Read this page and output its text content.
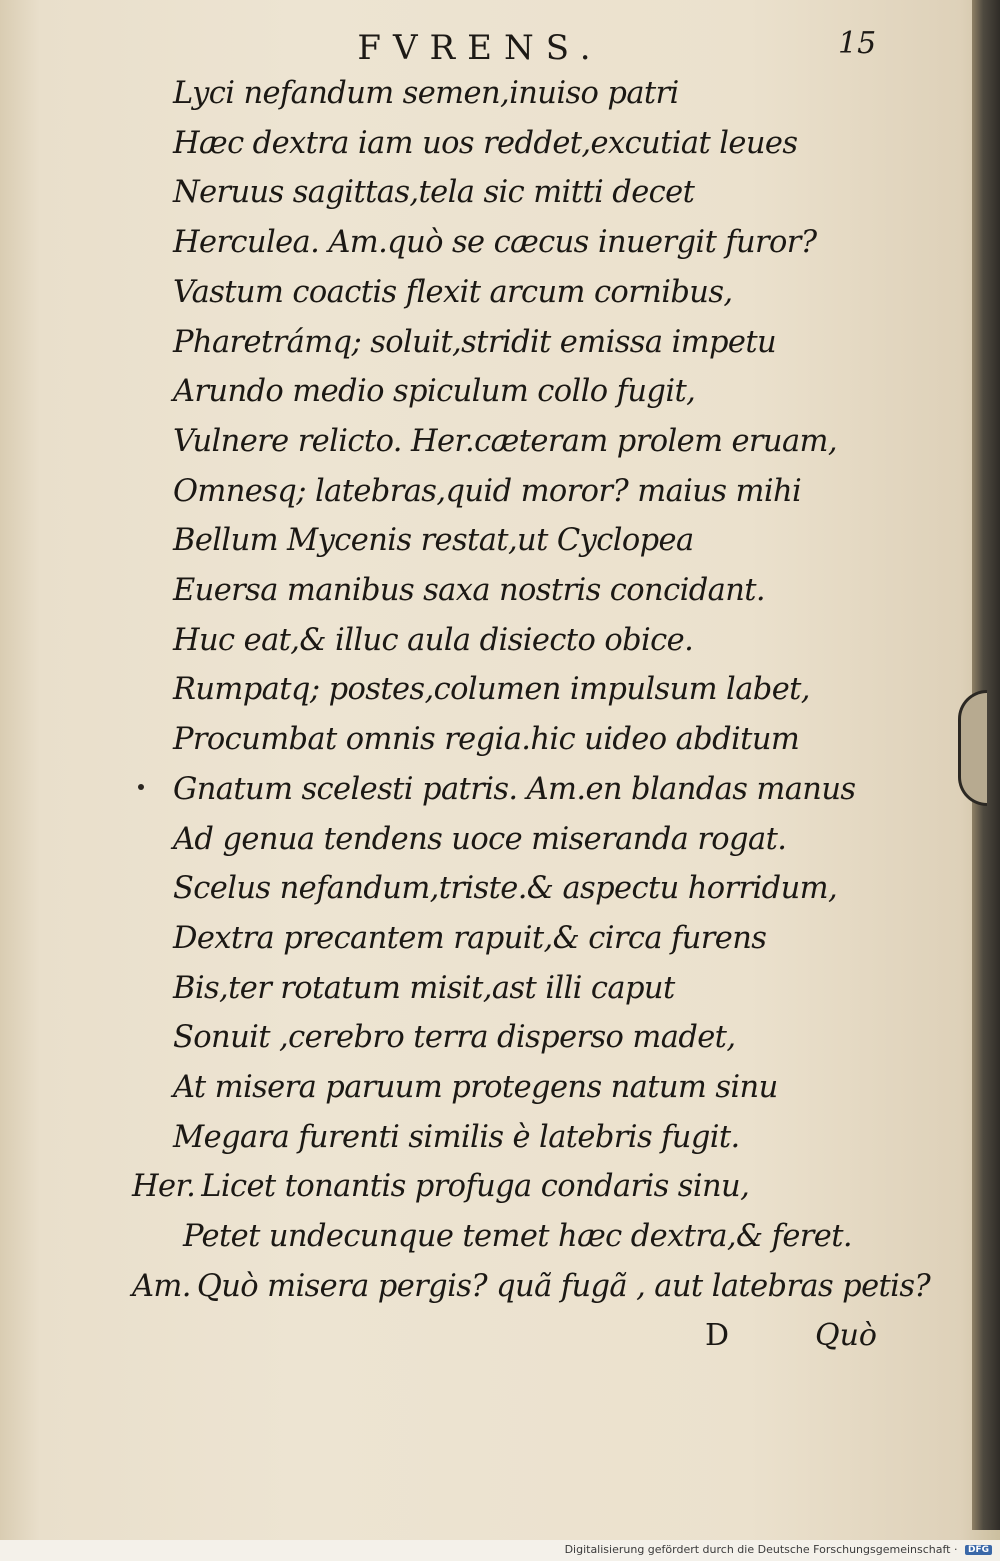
FVRENS.	15
Lyci nefandum semen,inuiso patri
Hæc dextra iam uos reddet,excutiat leues
Neruus sagittas,tela sic mitti decet
Herculea. Am.quò se cæcus inuergit furor?
Vastum coactis flexit arcum cornibus,
Pharetrámq; soluit,stridit emissa impetu
Arundo medio spiculum collo fugit,
Vulnere relicto. Her.cæteram prolem eruam,
Omnesq; latebras,quid moror? maius mihi
Bellum Mycenis restat,ut Cyclopea
Euersa manibus saxa nostris concidant.
Huc eat,& illuc aula disiecto obice.
Rumpatq; postes,columen impulsum labet,
Procumbat omnis regia.hic uideo abditum
Gnatum scelesti patris. Am.en blandas manus
Ad genua tendens uoce miseranda rogat.
Scelus nefandum,triste.& aspectu horridum,
Dextra precantem rapuit,& circa furens
Bis,ter rotatum misit,ast illi caput
Sonuit ,cerebro terra disperso madet,
At misera paruum protegens natum sinu
Megara furenti similis è latebris fugit.
Her. Licet tonantis profuga condaris sinu,
Petet undecunque temet hæc dextra,& feret.
Am. Quò misera pergis? quã fugã , aut latebras petis?
D	Quò
Digitalisierung gefördert durch die Deutsche Forschungsgemeinschaft · DFG
